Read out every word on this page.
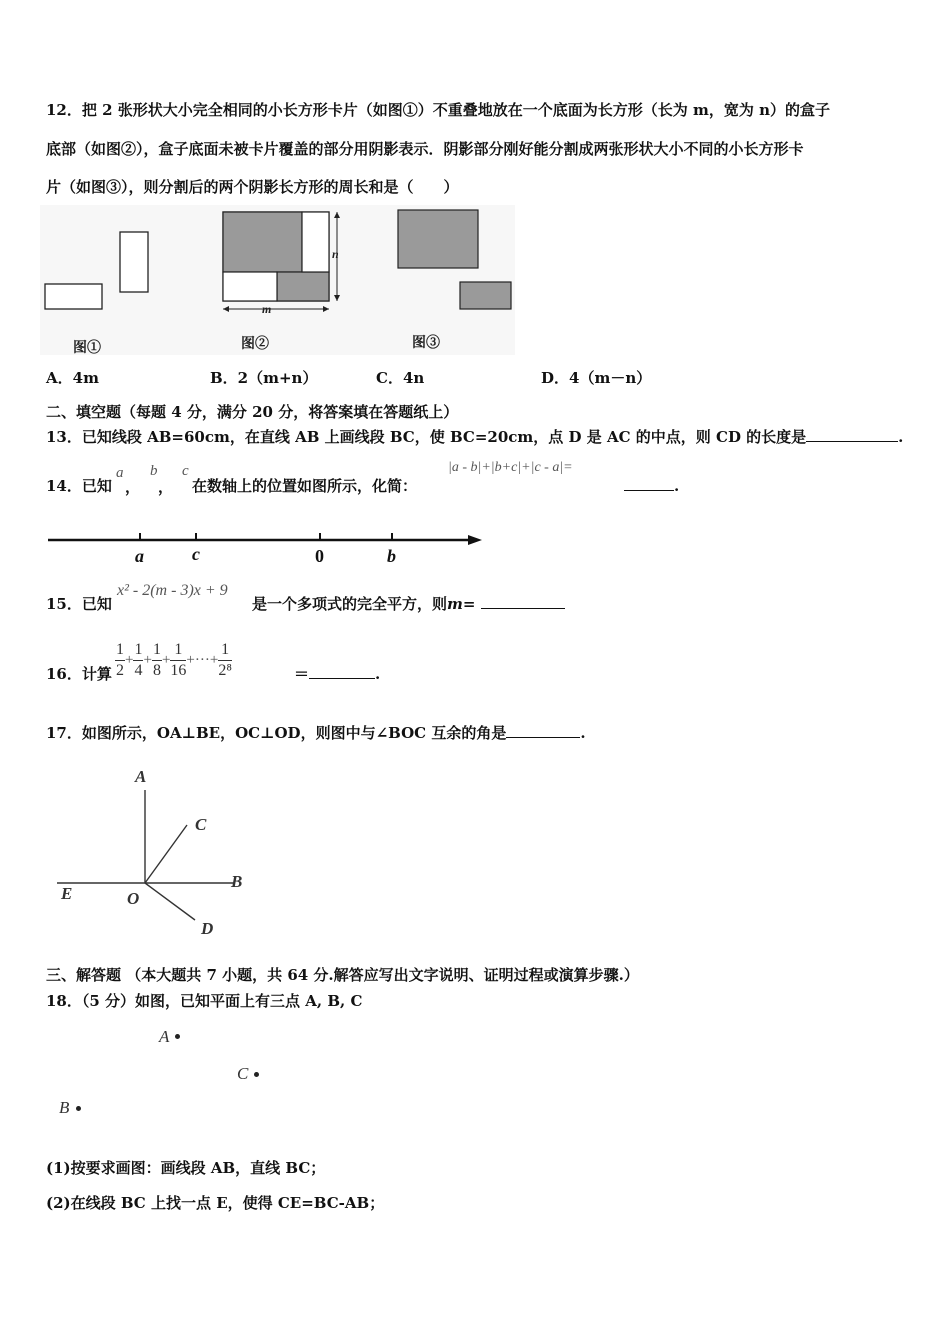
12．把 2 张形状大小完全相同的小长方形卡片（如图①）不重叠地放在一个底面为长方形（长为 m，宽为 n）的盒子
底部（如图②），盒子底面未被卡片覆盖的部分用阴影表示．阴影部分刚好能分割成两张形状大小不同的小长方形卡
片（如图③），则分割后的两个阴影长方形的周长和是（　　）
图①
n
m
图②	图③
A．4m	B．2（m+n）	C．4n	D．4（m－n）
二、填空题（每题 4 分，满分 20 分，将答案填在答题纸上）
13．已知线段 AB=60cm，在直线 AB 上画线段 BC，使 BC=20cm，点 D 是 AC 的中点，则 CD 的长度是	.
14．已知
a
，
b
，
c
在数轴上的位置如图所示，化简：
|a - b|+|b+c|+|c - a|=
.
a	c	0	b
15．已知
x² - 2(m - 3)x + 9
是一个多项式的完全平方，则m=
16．计算 $\frac{1}{2} + \frac{1}{4} + \frac{1}{8} + \frac{1}{16}$ +···+ $\frac{1}{\text{2⁸}}$	＝	.
17．如图所示，OA⊥BE，OC⊥OD，则图中与∠BOC 互余的角是	.
A
C
B
E	O
D
三、解答题 （本大题共 7 小题，共 64 分.解答应写出文字说明、证明过程或演算步骤.）
18．（5 分）如图，已知平面上有三点 A, B, C
A
C
B
(1)按要求画图：画线段 AB，直线 BC；
(2)在线段 BC 上找一点 E，使得 CE=BC-AB；
